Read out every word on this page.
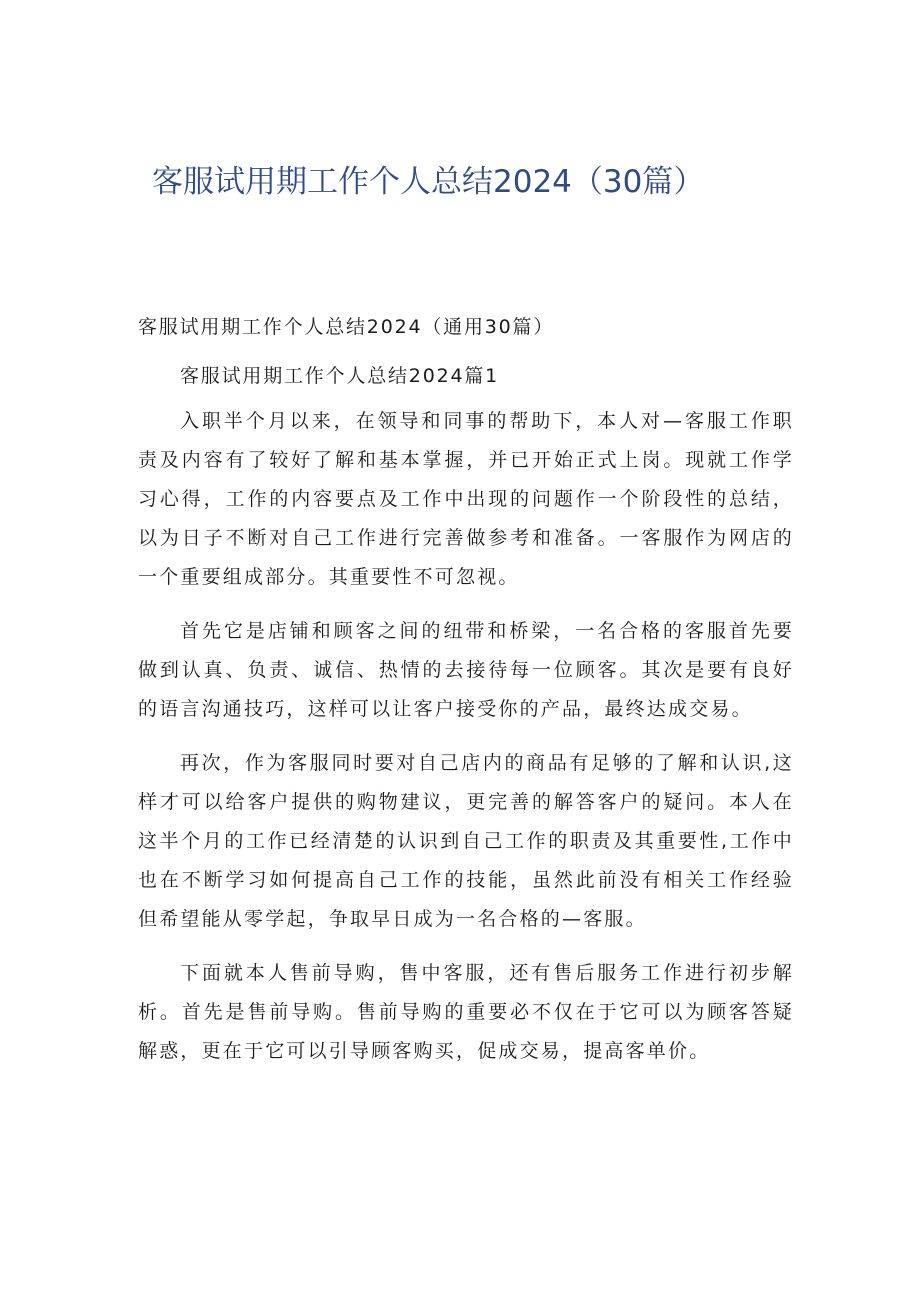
客服试用期工作个人总结2024（30篇）

客服试用期工作个人总结2024（通用30篇）

客服试用期工作个人总结2024篇1

入职半个月以来，在领导和同事的帮助下，本人对—客服工作职责及内容有了较好了解和基本掌握，并已开始正式上岗。现就工作学习心得，工作的内容要点及工作中出现的问题作一个阶段性的总结，以为日子不断对自己工作进行完善做参考和准备。一客服作为网店的一个重要组成部分。其重要性不可忽视。

首先它是店铺和顾客之间的纽带和桥梁，一名合格的客服首先要做到认真、负责、诚信、热情的去接待每一位顾客。其次是要有良好的语言沟通技巧，这样可以让客户接受你的产品，最终达成交易。

再次，作为客服同时要对自己店内的商品有足够的了解和认识,这样才可以给客户提供的购物建议，更完善的解答客户的疑问。本人在这半个月的工作已经清楚的认识到自己工作的职责及其重要性,工作中也在不断学习如何提高自己工作的技能，虽然此前没有相关工作经验但希望能从零学起，争取早日成为一名合格的—客服。

下面就本人售前导购，售中客服，还有售后服务工作进行初步解析。首先是售前导购。售前导购的重要必不仅在于它可以为顾客答疑解惑，更在于它可以引导顾客购买，促成交易，提高客单价。
